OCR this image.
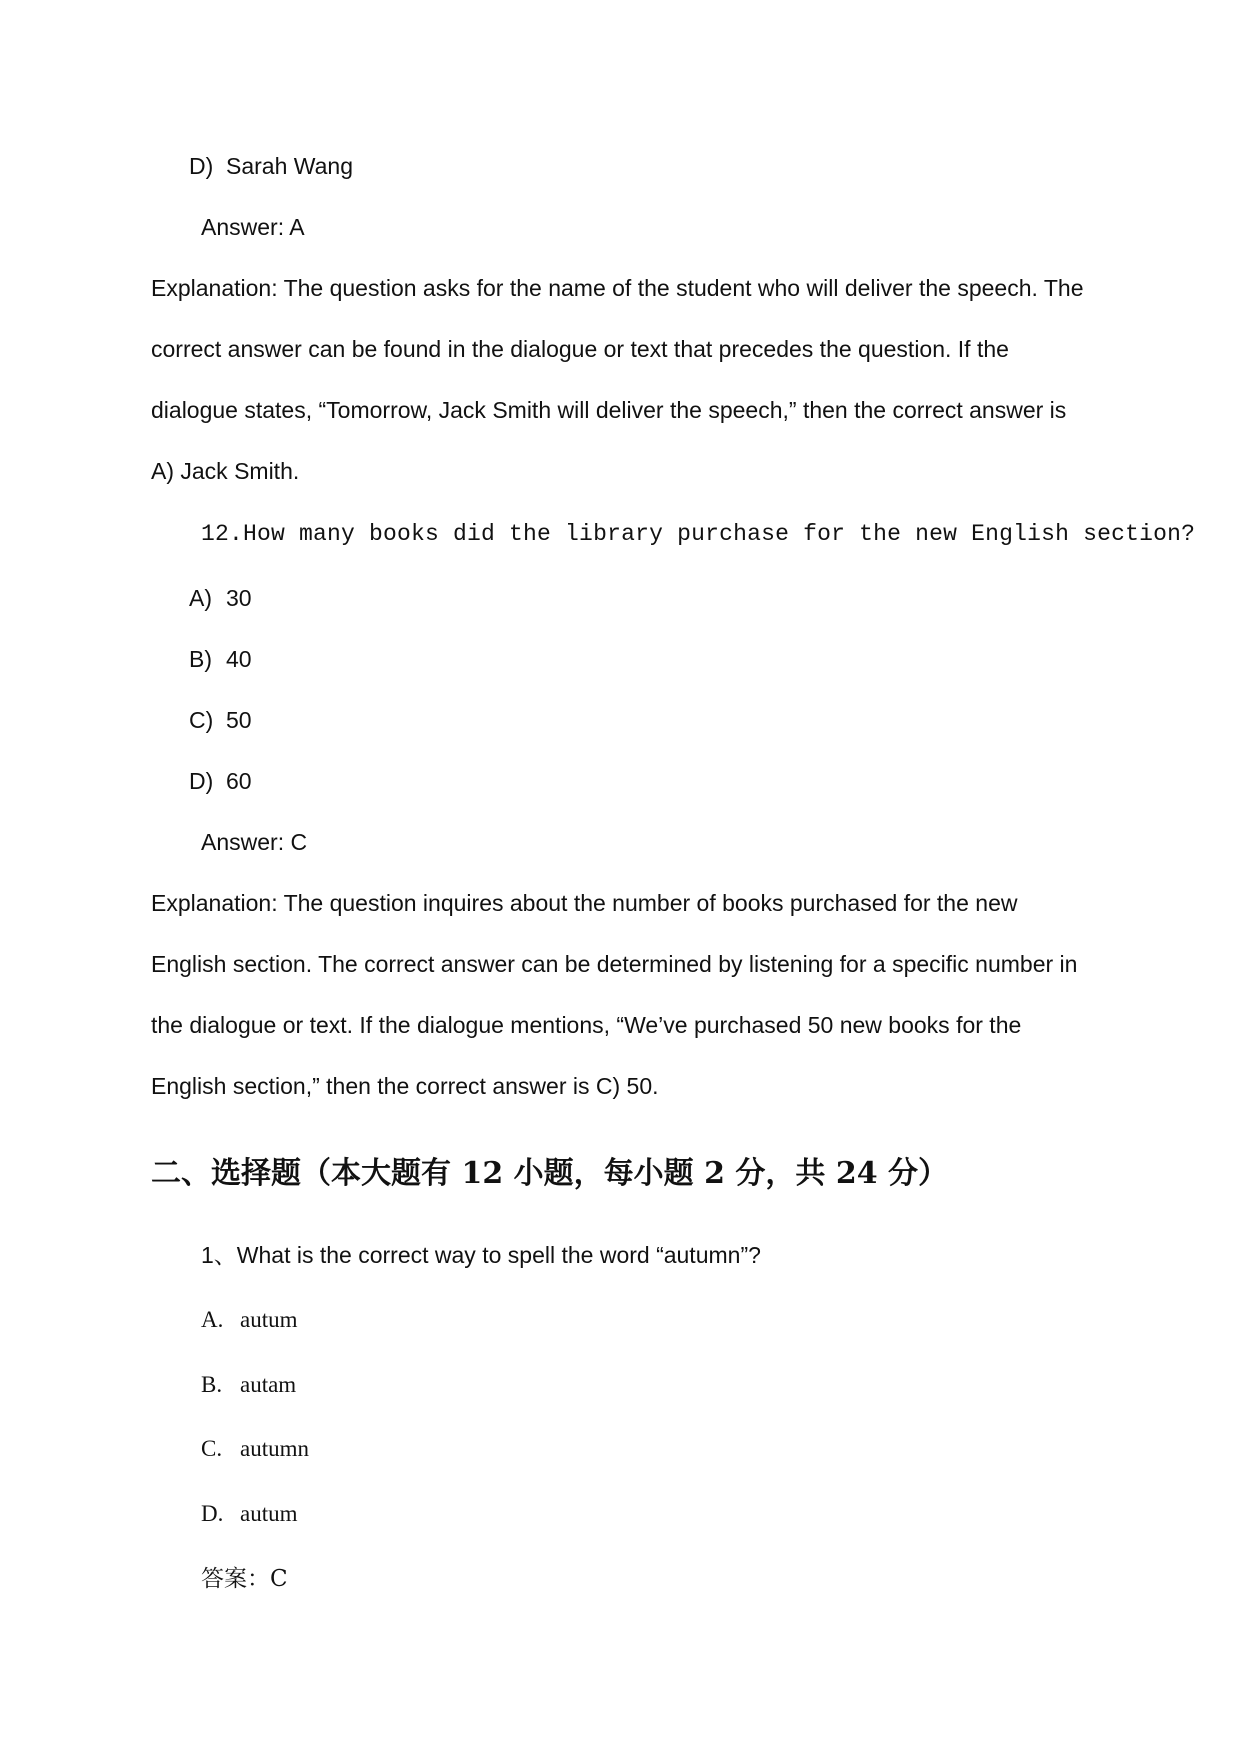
D) Sarah Wang
Answer: A
Explanation: The question asks for the name of the student who will deliver the speech. The
correct answer can be found in the dialogue or text that precedes the question. If the
dialogue states, “Tomorrow, Jack Smith will deliver the speech,” then the correct answer is
A) Jack Smith.
12.How many books did the library purchase for the new English section?
A) 30
B) 40
C) 50
D) 60
Answer: C
Explanation: The question inquires about the number of books purchased for the new
English section. The correct answer can be determined by listening for a specific number in
the dialogue or text. If the dialogue mentions, “We’ve purchased 50 new books for the
English section,” then the correct answer is C) 50.
二、选择题（本大题有 12 小题，每小题 2 分，共 24 分）
1、What is the correct way to spell the word “autumn”?
A. autum
B. autam
C. autumn
D. autum
答案：C
